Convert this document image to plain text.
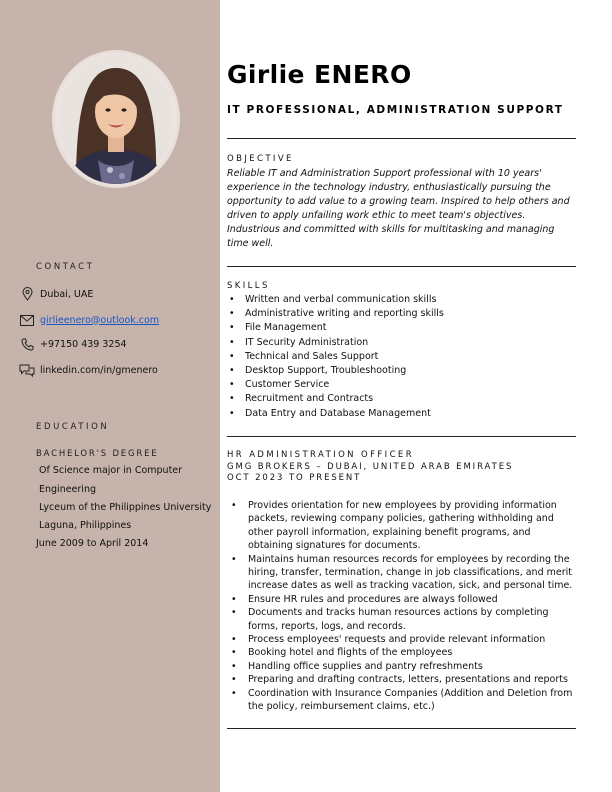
CONTACT
Dubai, UAE
girlieenero@outlook.com
+97150 439 3254
linkedin.com/in/gmenero
EDUCATION
BACHELOR'S DEGREE
Of Science major in Computer
Engineering
Lyceum of the Philippines University
Laguna, Philippines
June 2009 to April 2014
Girlie ENERO
IT PROFESSIONAL, ADMINISTRATION SUPPORT
OBJECTIVE
Reliable IT and Administration Support professional with 10 years' experience in the technology industry, enthusiastically pursuing the opportunity to add value to a growing team. Inspired to help others and driven to apply unfailing work ethic to meet team's objectives. Industrious and committed with skills for multitasking and managing time well.
SKILLS
• Written and verbal communication skills
• Administrative writing and reporting skills
• File Management
• IT Security Administration
• Technical and Sales Support
• Desktop Support, Troubleshooting
• Customer Service
• Recruitment and Contracts
• Data Entry and Database Management
HR ADMINISTRATION OFFICER
GMG BROKERS – DUBAI, UNITED ARAB EMIRATES
OCT 2023 TO PRESENT
• Provides orientation for new employees by providing information packets, reviewing company policies, gathering withholding and other payroll information, explaining benefit programs, and obtaining signatures for documents.
• Maintains human resources records for employees by recording the hiring, transfer, termination, change in job classifications, and merit increase dates as well as tracking vacation, sick, and personal time.
• Ensure HR rules and procedures are always followed
• Documents and tracks human resources actions by completing forms, reports, logs, and records.
• Process employees' requests and provide relevant information
• Booking hotel and flights of the employees
• Handling office supplies and pantry refreshments
• Preparing and drafting contracts, letters, presentations and reports
• Coordination with Insurance Companies (Addition and Deletion from the policy, reimbursement claims, etc.)
